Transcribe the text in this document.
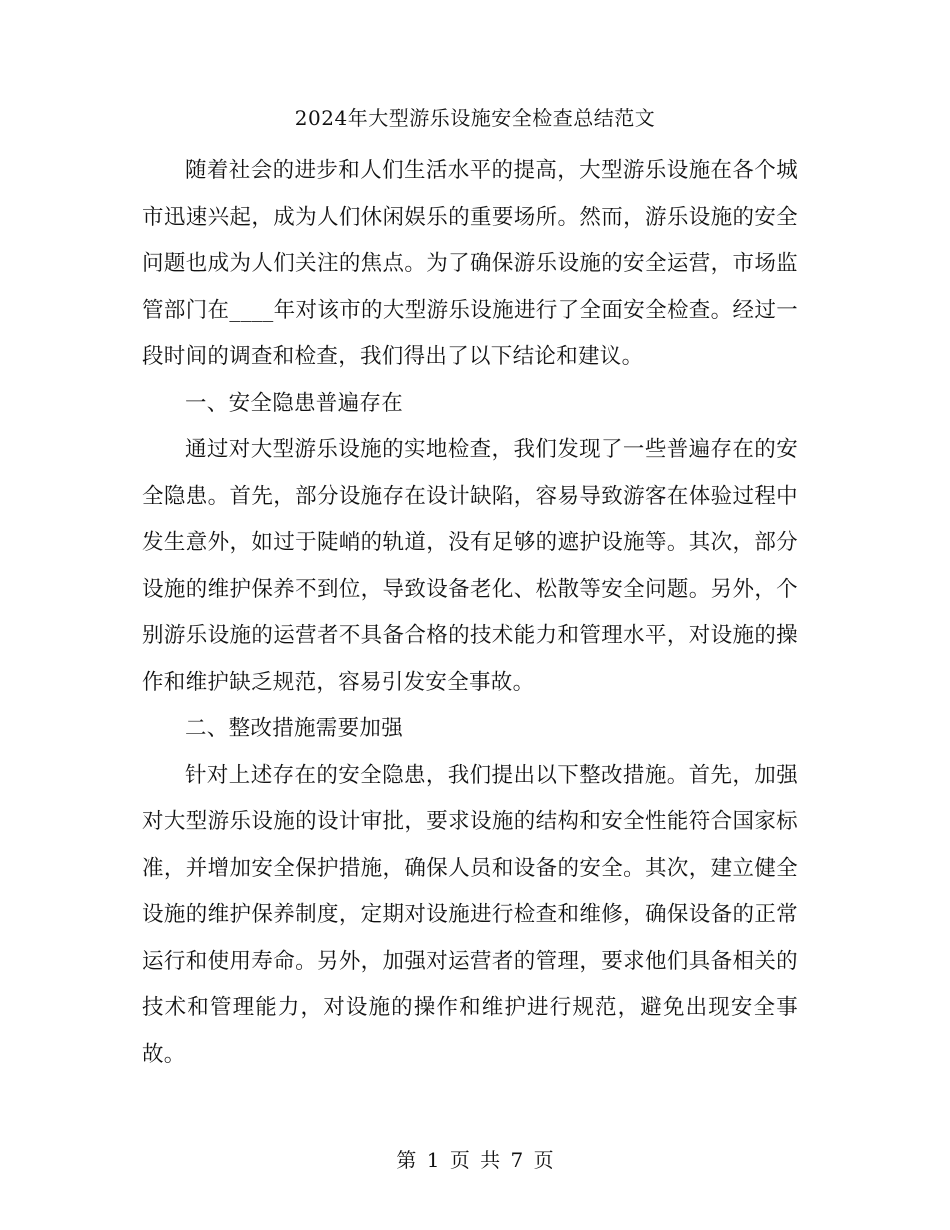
2024年大型游乐设施安全检查总结范文

随着社会的进步和人们生活水平的提高，大型游乐设施在各个城市迅速兴起，成为人们休闲娱乐的重要场所。然而，游乐设施的安全问题也成为人们关注的焦点。为了确保游乐设施的安全运营，市场监管部门在____年对该市的大型游乐设施进行了全面安全检查。经过一段时间的调查和检查，我们得出了以下结论和建议。

一、安全隐患普遍存在

通过对大型游乐设施的实地检查，我们发现了一些普遍存在的安全隐患。首先，部分设施存在设计缺陷，容易导致游客在体验过程中发生意外，如过于陡峭的轨道，没有足够的遮护设施等。其次，部分设施的维护保养不到位，导致设备老化、松散等安全问题。另外，个别游乐设施的运营者不具备合格的技术能力和管理水平，对设施的操作和维护缺乏规范，容易引发安全事故。

二、整改措施需要加强

针对上述存在的安全隐患，我们提出以下整改措施。首先，加强对大型游乐设施的设计审批，要求设施的结构和安全性能符合国家标准，并增加安全保护措施，确保人员和设备的安全。其次，建立健全设施的维护保养制度，定期对设施进行检查和维修，确保设备的正常运行和使用寿命。另外，加强对运营者的管理，要求他们具备相关的技术和管理能力，对设施的操作和维护进行规范，避免出现安全事故。

第 1 页 共 7 页
